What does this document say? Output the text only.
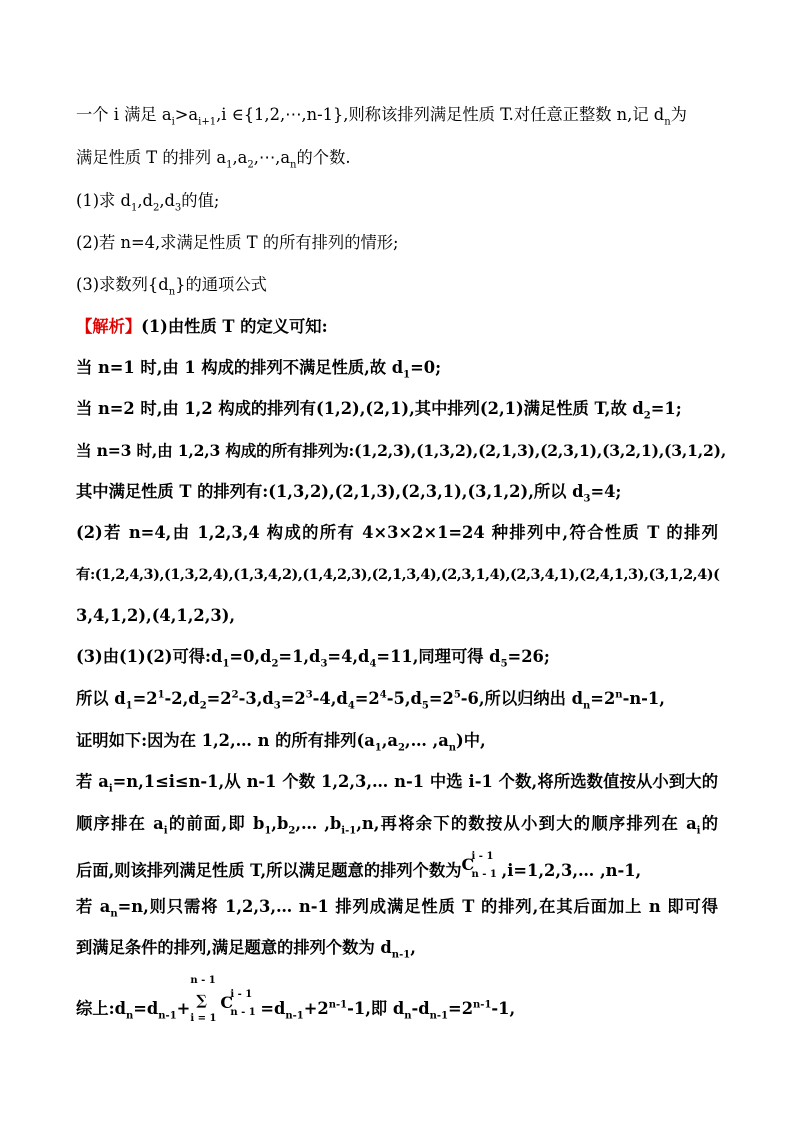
一个 i 满足 $a_i>a_{i+1},i$ ∈{1,2,⋯,n-1},则称该排列满足性质 T.对任意正整数 n,记 $d_n$为
满足性质 T 的排列 $a_1,a_2,\cdots,a_n$的个数.
(1)求 $d_1,d_2,d_3$的值;
(2)若 n=4,求满足性质 T 的所有排列的情形;
(3)求数列$\{d_n\}$的通项公式
【解析】(1)由性质 T 的定义可知:
当 n=1 时,由 1 构成的排列不满足性质,故 $d_1=0$;
当 n=2 时,由 1,2 构成的排列有(1,2),(2,1),其中排列(2,1)满足性质 T,故 $d_2=1$;
当 n=3 时,由 1,2,3 构成的所有排列为:(1,2,3),(1,3,2),(2,1,3),(2,3,1),(3,2,1),(3,1,2),
其中满足性质 T 的排列有:(1,3,2),(2,1,3),(2,3,1),(3,1,2),所以 $d_3=4$;
(2)若 n=4,由 1,2,3,4 构成的所有 4×3×2×1=24 种排列中,符合性质 T 的排列
有:(1,2,4,3),(1,3,2,4),(1,3,4,2),(1,4,2,3),(2,1,3,4),(2,3,1,4),(2,3,4,1),(2,4,1,3),(3,1,2,4)(
3,4,1,2),(4,1,2,3),
(3)由(1)(2)可得$:d_1=0,d_2=1,d_3=4,d_4=11$,同理可得 $d_5=26$;
所以 $d_1=2^1-2,d_2=2^2-3,d_3=2^3-4,d_4=2^4-5,d_5=2^5-6$,所以归纳出 $d_n=2^n-n-1$,
证明如下:因为在 1,2,… n 的所有排列($a_1,a_2,\dots$ $,a_n$)中,
若 $a_i=n,1\le i\le n-1$,从 n-1 个数 1,2,3,… n-1 中选 i-1 个数,将所选数值按从小到大的
顺序排在 $a_i$的前面,即 $b_1,b_2,\dots$ $,b_{i-1},n$,再将余下的数按从小到大的顺序排列在 $a_i$的
后面,则该排列满足性质 T,所以满足题意的排列个数为 C
i - 1
n - 1 ,i=1,2,3,… ,n-1,
若 $a_n=n$,则只需将 1,2,3,… n-1 排列成满足性质 T 的排列,在其后面加上 n 即可得
到满足条件的排列,满足题意的排列个数为 $d_{n-1}$,
综上$:d_n=d_{n-1}+$
n - 1
∑
i = 1
C
i - 1
$n - 1 =d_{n-1}+2^{n-1}-1$,即 $d_n-d_{n-1}=2^{n-1}-1$,
